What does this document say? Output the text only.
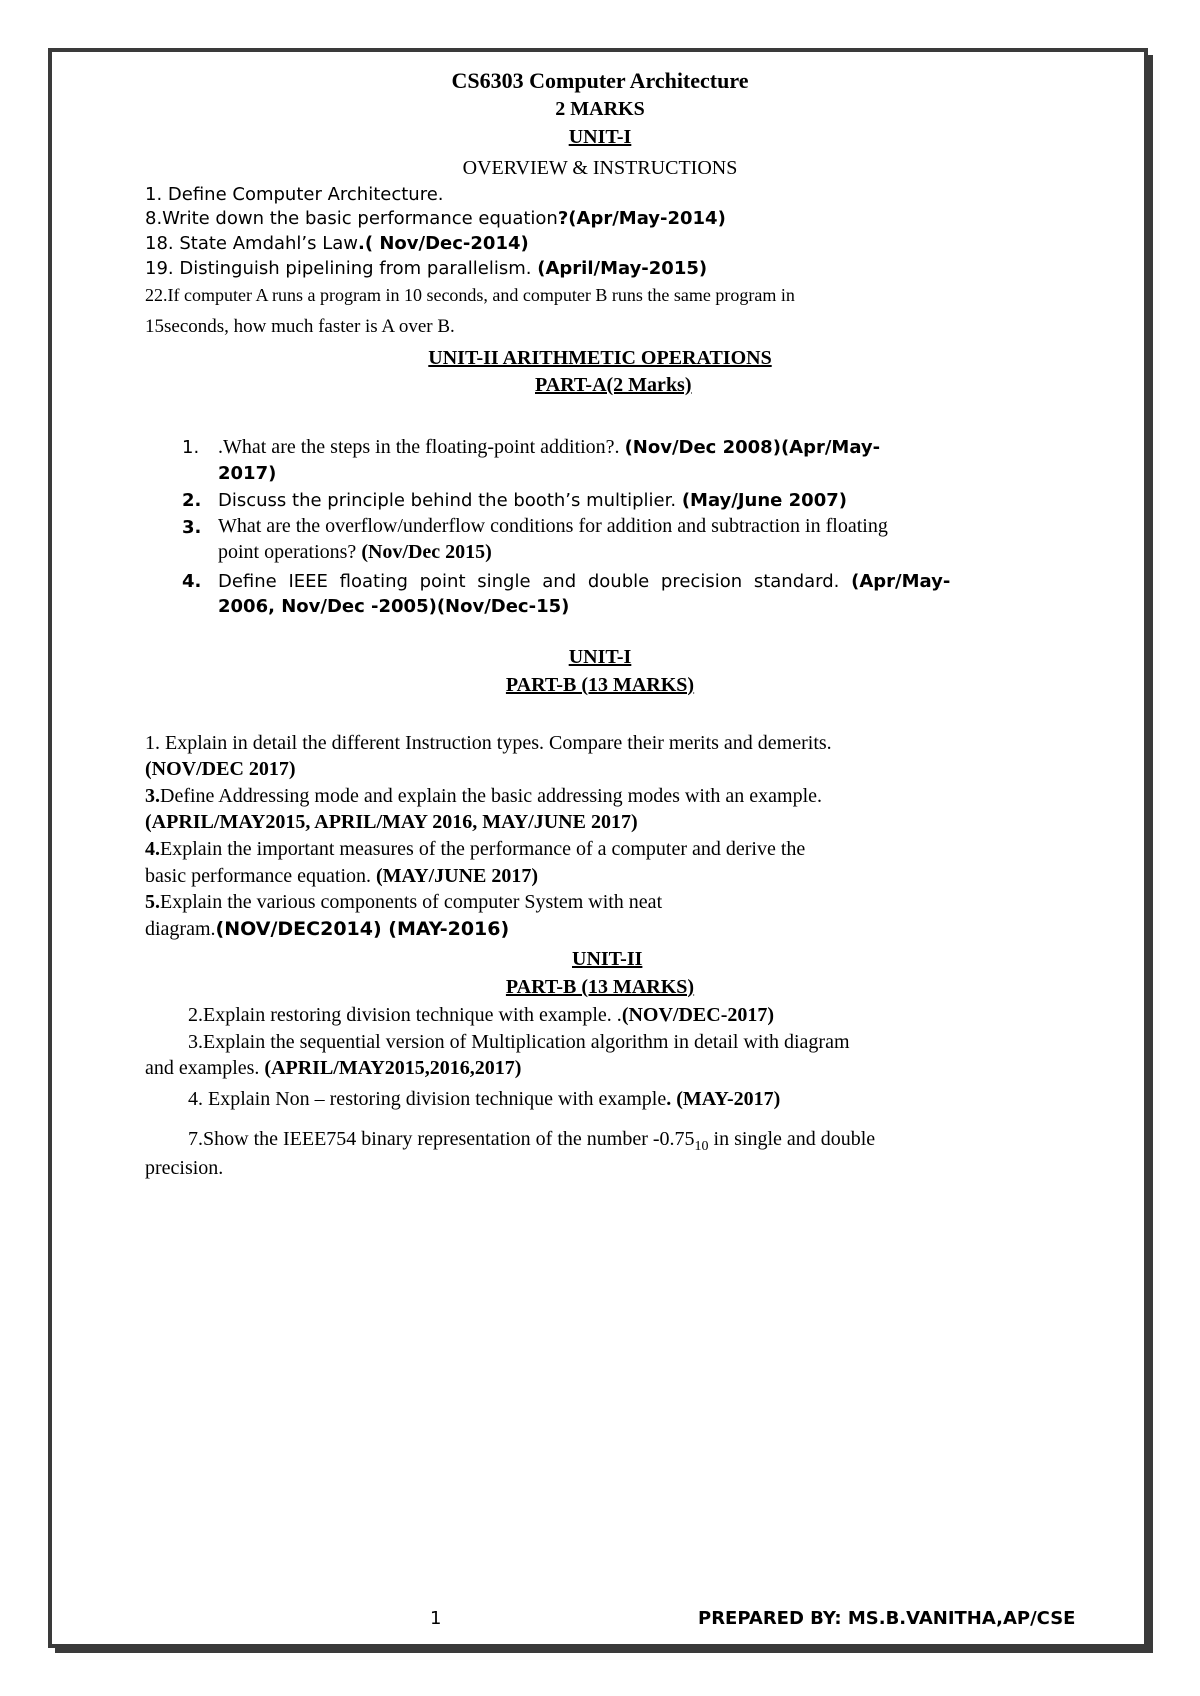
CS6303 Computer Architecture
2 MARKS
UNIT-I
OVERVIEW & INSTRUCTIONS
1. Define Computer Architecture.
8.Write down the basic performance equation?(Apr/May-2014)
18. State Amdahl’s Law.( Nov/Dec-2014)
19. Distinguish pipelining from parallelism. (April/May-2015)
22.If computer A runs a program in 10 seconds, and computer B runs the same program in
15seconds, how much faster is A over B.
UNIT-II ARITHMETIC OPERATIONS
PART-A(2 Marks)
1. .What are the steps in the floating-point addition?. (Nov/Dec 2008)(Apr/May-
2017)
2. Discuss the principle behind the booth’s multiplier. (May/June 2007)
3. What are the overflow/underflow conditions for addition and subtraction in floating
point operations? (Nov/Dec 2015)
4. Define IEEE floating point single and double precision standard. (Apr/May-
2006, Nov/Dec -2005)(Nov/Dec-15)
UNIT-I
PART-B (13 MARKS)
1. Explain in detail the different Instruction types. Compare their merits and demerits.
(NOV/DEC 2017)
3.Define Addressing mode and explain the basic addressing modes with an example.
(APRIL/MAY2015, APRIL/MAY 2016, MAY/JUNE 2017)
4.Explain the important measures of the performance of a computer and derive the
basic performance equation. (MAY/JUNE 2017)
5.Explain the various components of computer System with neat
diagram.(NOV/DEC2014) (MAY-2016)
UNIT-II
PART-B (13 MARKS)
2.Explain restoring division technique with example. .(NOV/DEC-2017)
3.Explain the sequential version of Multiplication algorithm in detail with diagram
and examples. (APRIL/MAY2015,2016,2017)
4. Explain Non – restoring division technique with example. (MAY-2017)
7.Show the IEEE754 binary representation of the number $-0.75_{10}$ in single and double
precision.
1	PREPARED BY: MS.B.VANITHA,AP/CSE
